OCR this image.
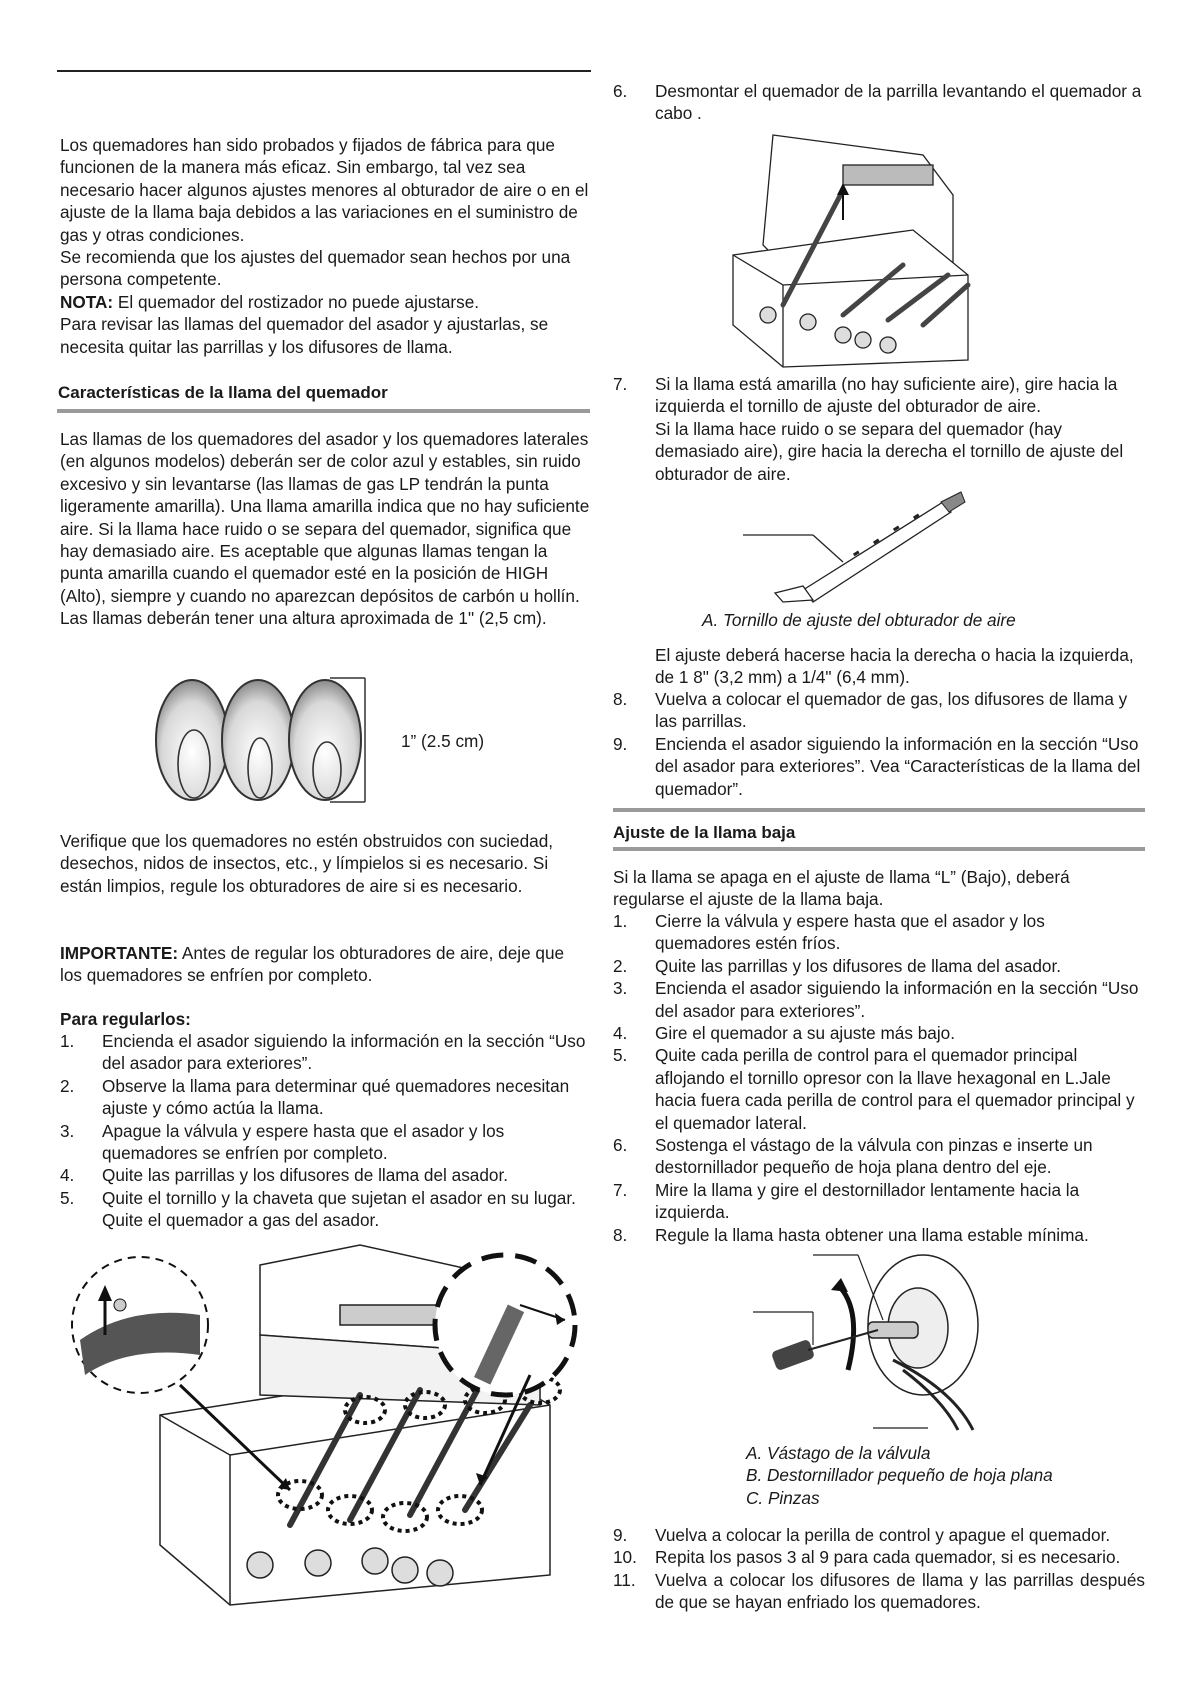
Los quemadores han sido probados y fijados de fábrica para que funcionen de la manera más eficaz. Sin embargo, tal vez sea necesario hacer algunos ajustes menores al obturador de aire o en el ajuste de la llama baja debidos a las variaciones en el suministro de gas y otras condiciones.

Se recomienda que los ajustes del quemador sean hechos por una persona competente.

NOTA: El quemador del rostizador no puede ajustarse.

Para revisar las llamas del quemador del asador y ajustarlas, se necesita quitar las parrillas y los difusores de llama.

Características de la llama del quemador

Las llamas de los quemadores del asador y los quemadores laterales (en algunos modelos) deberán ser de color azul y estables, sin ruido excesivo y sin levantarse (las llamas de gas LP tendrán la punta ligeramente amarilla). Una llama amarilla indica que no hay suficiente aire. Si la llama hace ruido o se separa del quemador, significa que hay demasiado aire. Es aceptable que algunas llamas tengan la punta amarilla cuando el quemador esté en la posición de HIGH (Alto), siempre y cuando no aparezcan depósitos de carbón u hollín. Las llamas deberán tener una altura aproximada de 1" (2,5 cm).

1” (2.5 cm)

Verifique que los quemadores no estén obstruidos con suciedad, desechos, nidos de insectos, etc., y límpielos si es necesario. Si están limpios, regule los obturadores de aire si es necesario.

IMPORTANTE: Antes de regular los obturadores de aire, deje que los quemadores se enfríen por completo.

Para regularlos:

1. Encienda el asador siguiendo la información en la sección “Uso del asador para exteriores”.
2. Observe la llama para determinar qué quemadores necesitan ajuste y cómo actúa la llama.
3. Apague la válvula y espere hasta que el asador y los quemadores se enfríen por completo.
4. Quite las parrillas y los difusores de llama del asador.
5. Quite el tornillo y la chaveta que sujetan el asador en su lugar. Quite el quemador a gas del asador.
6. Desmontar el quemador de la parrilla levantando el quemador a cabo .
7. Si la llama está amarilla (no hay suficiente aire), gire hacia la izquierda el tornillo de ajuste del obturador de aire.

Si la llama hace ruido o se separa del quemador (hay demasiado aire), gire hacia la derecha el tornillo de ajuste del obturador de aire.

A. Tornillo de ajuste del obturador de aire

El ajuste deberá hacerse hacia la derecha o hacia la izquierda, de 1 8" (3,2 mm) a 1/4" (6,4 mm).

8. Vuelva a colocar el quemador de gas, los difusores de llama y las parrillas.
9. Encienda el asador siguiendo la información en la sección “Uso del asador para exteriores”. Vea “Características de la llama del quemador”.
Ajuste de la llama baja

Si la llama se apaga en el ajuste de llama “L” (Bajo), deberá regularse el ajuste de la llama baja.

1. Cierre la válvula y espere hasta que el asador y los quemadores estén fríos.
2. Quite las parrillas y los difusores de llama del asador.
3. Encienda el asador siguiendo la información en la sección “Uso del asador para exteriores”.
4. Gire el quemador a su ajuste más bajo.
5. Quite cada perilla de control para el quemador principal aflojando el tornillo opresor con la llave hexagonal en L.Jale hacia fuera cada perilla de control para el quemador principal y el quemador lateral.
6. Sostenga el vástago de la válvula con pinzas e inserte un destornillador pequeño de hoja plana dentro del eje.
7. Mire la llama y gire el destornillador lentamente hacia la izquierda.
8. Regule la llama hasta obtener una llama estable mínima.

A. Vástago de la válvula

B. Destornillador pequeño de hoja plana

C. Pinzas

9. Vuelva a colocar la perilla de control y apague el quemador.
10. Repita los pasos 3 al 9 para cada quemador, si es necesario.
11. Vuelva a colocar los difusores de llama y las parrillas después de que se hayan enfriado los quemadores.
